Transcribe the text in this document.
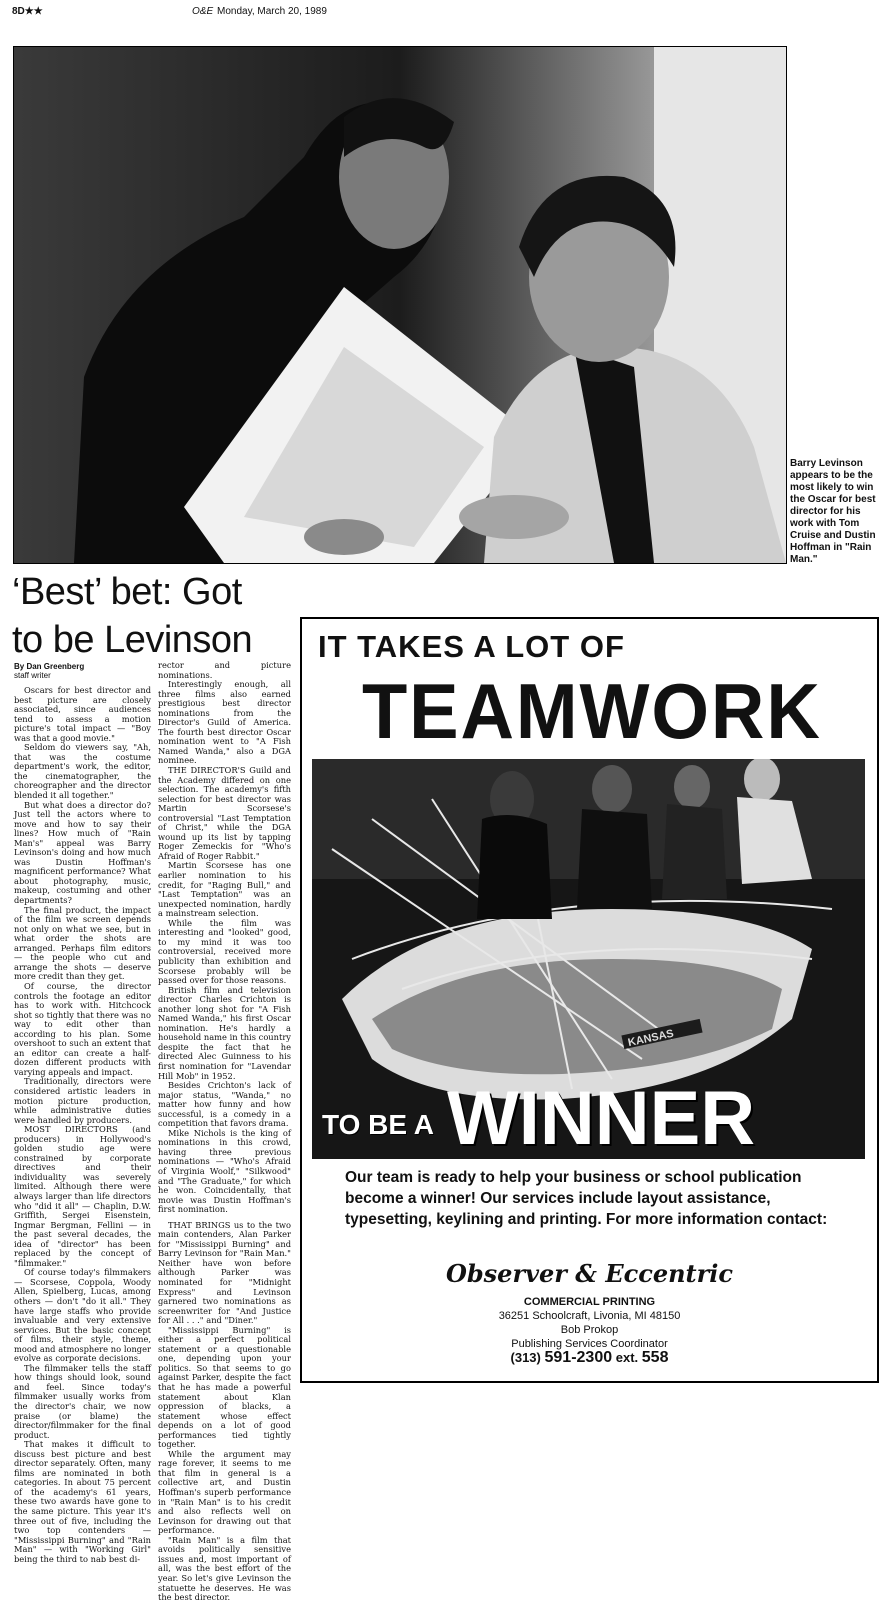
8D★★	O&E Monday, March 20, 1989
Barry Levinson appears to be the most likely to win the Oscar for best director for his work with Tom Cruise and Dustin Hoffman in "Rain Man."
‘Best’ bet: Got
to be Levinson
By Dan Greenberg
staff writer

Oscars for best director and best picture are closely associated, since audiences tend to assess a motion picture's total impact — "Boy was that a good movie."

Seldom do viewers say, "Ah, that was the costume department's work, the editor, the cinematographer, the choreographer and the director blended it all together."

But what does a director do? Just tell the actors where to move and how to say their lines? How much of "Rain Man's" appeal was Barry Levinson's doing and how much was Dustin Hoffman's magnificent performance? What about photography, music, makeup, costuming and other departments?

The final product, the impact of the film we screen depends not only on what we see, but in what order the shots are arranged. Perhaps film editors — the people who cut and arrange the shots — deserve more credit than they get.

Of course, the director controls the footage an editor has to work with. Hitchcock shot so tightly that there was no way to edit other than according to his plan. Some overshoot to such an extent that an editor can create a half-dozen different products with varying appeals and impact.

Traditionally, directors were considered artistic leaders in motion picture production, while administrative duties were handled by producers.

MOST DIRECTORS (and producers) in Hollywood's golden studio age were constrained by corporate directives and their individuality was severely limited. Although there were always larger than life directors who "did it all" — Chaplin, D.W. Griffith, Sergei Eisenstein, Ingmar Bergman, Fellini — in the past several decades, the idea of "director" has been replaced by the concept of "filmmaker."

Of course today's filmmakers — Scorsese, Coppola, Woody Allen, Spielberg, Lucas, among others — don't "do it all." They have large staffs who provide invaluable and very extensive services. But the basic concept of films, their style, theme, mood and atmosphere no longer evolve as corporate decisions.

The filmmaker tells the staff how things should look, sound and feel. Since today's filmmaker usually works from the director's chair, we now praise (or blame) the director/filmmaker for the final product.

That makes it difficult to discuss best picture and best director separately. Often, many films are nominated in both categories. In about 75 percent of the academy's 61 years, these two awards have gone to the same picture. This year it's three out of five, including the two top contenders — "Mississippi Burning" and "Rain Man" — with "Working Girl" being the third to nab best di-

rector and picture nominations.

Interestingly enough, all three films also earned prestigious best director nominations from the Director's Guild of America. The fourth best director Oscar nomination went to "A Fish Named Wanda," also a DGA nominee.

THE DIRECTOR'S Guild and the Academy differed on one selection. The academy's fifth selection for best director was Martin Scorsese's controversial "Last Temptation of Christ," while the DGA wound up its list by tapping Roger Zemeckis for "Who's Afraid of Roger Rabbit."

Martin Scorsese has one earlier nomination to his credit, for "Raging Bull," and "Last Temptation" was an unexpected nomination, hardly a mainstream selection.

While the film was interesting and "looked" good, to my mind it was too controversial, received more publicity than exhibition and Scorsese probably will be passed over for those reasons.

British film and television director Charles Crichton is another long shot for "A Fish Named Wanda," his first Oscar nomination. He's hardly a household name in this country despite the fact that he directed Alec Guinness to his first nomination for "Lavendar Hill Mob" in 1952.

Besides Crichton's lack of major status, "Wanda," no matter how funny and how successful, is a comedy in a competition that favors drama.

Mike Nichols is the king of nominations in this crowd, having three previous nominations — "Who's Afraid of Virginia Woolf," "Silkwood" and "The Graduate," for which he won. Coincidentally, that movie was Dustin Hoffman's first nomination.

THAT BRINGS us to the two main contenders, Alan Parker for "Mississippi Burning" and Barry Levinson for "Rain Man." Neither have won before although Parker was nominated for "Midnight Express" and Levinson garnered two nominations as screenwriter for "And Justice for All . . ." and "Diner."

"Mississippi Burning" is either a perfect political statement or a questionable one, depending upon your politics. So that seems to go against Parker, despite the fact that he has made a powerful statement about Klan oppression of blacks, a statement whose effect depends on a lot of good performances tied tightly together.

While the argument may rage forever, it seems to me that film in general is a collective art, and Dustin Hoffman's superb performance in "Rain Man" is to his credit and also reflects well on Levinson for drawing out that performance.

"Rain Man" is a film that avoids politically sensitive issues and, most important of all, was the best effort of the year. So let's give Levinson the statuette he deserves. He was the best director.

IT TAKES A LOT OF
TEAMWORK
KANSAS
TO BE A WINNER
Our team is ready to help your business or school publication become a winner! Our services include layout assistance, typesetting, keylining and printing. For more information contact:
Observer & Eccentric
COMMERCIAL PRINTING
36251 Schoolcraft, Livonia, MI 48150
Bob Prokop
Publishing Services Coordinator
(313) 591-2300 ext. 558
